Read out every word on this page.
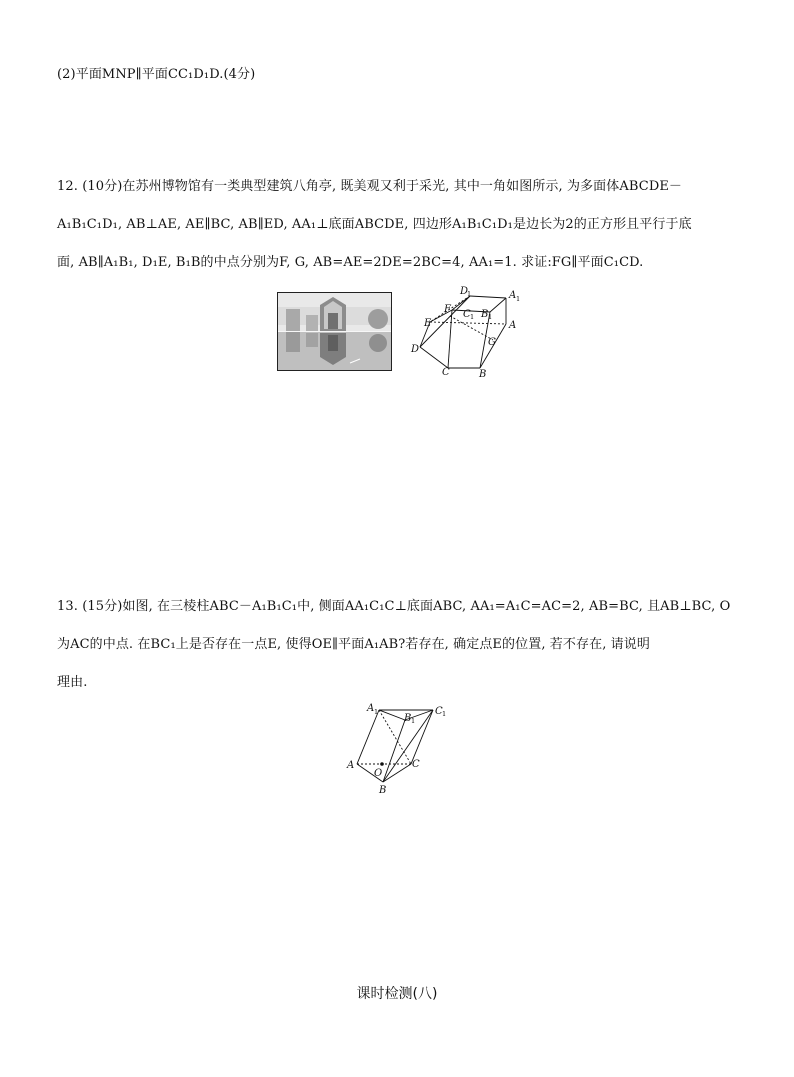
(2)平面MNP∥平面CC₁D₁D.(4分)
12. (10分)在苏州博物馆有一类典型建筑八角亭, 既美观又利于采光, 其中一角如图所示, 为多面体ABCDE－
A₁B₁C₁D₁, AB⊥AE, AE∥BC, AB∥ED, AA₁⊥底面ABCDE, 四边形A₁B₁C₁D₁是边长为2的正方形且平行于底
面, AB∥A₁B₁, D₁E, B₁B的中点分别为F, G, AB=AE=2DE=2BC=4, AA₁=1. 求证:FG∥平面C₁CD.
D
1	A 1
F C 1 B 1
E	A
G
D
C	B
13. (15分)如图, 在三棱柱ABC－A₁B₁C₁中, 侧面AA₁C₁C⊥底面ABC, AA₁=A₁C=AC=2, AB=BC, 且AB⊥BC, O
为AC的中点. 在BC₁上是否存在一点E, 使得OE∥平面A₁AB?若存在, 确定点E的位置, 若不存在, 请说明
理由.
A 1
B 1
C 1
A
O
C
B
课时检测(八)
